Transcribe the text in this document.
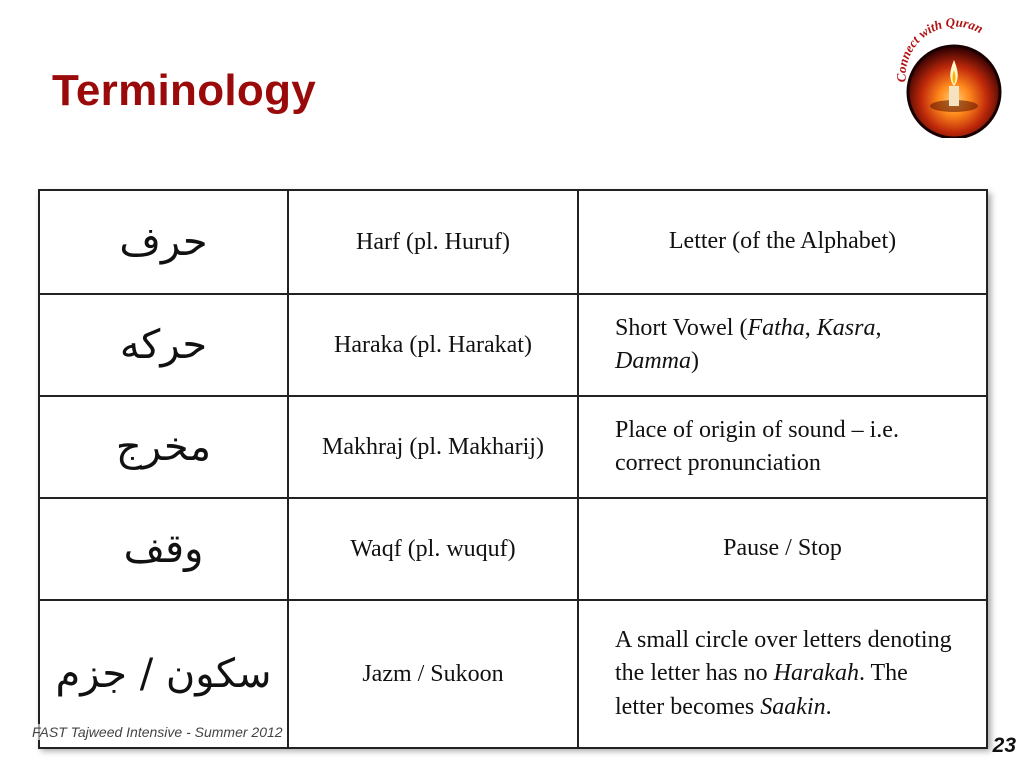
Terminology	Connect with Quran
حرف	Harf (pl. Huruf)	Letter (of the Alphabet)
حركه	Haraka (pl. Harakat)	Short Vowel (Fatha, Kasra, Damma)
مخرج	Makhraj (pl. Makharij)	Place of origin of sound – i.e. correct pronunciation
وقف	Waqf (pl. wuquf)	Pause / Stop
سكون / جزم	Jazm / Sukoon	A small circle over letters denoting the letter has no Harakah. The letter becomes Saakin.
FAST Tajweed Intensive - Summer 2012
23
